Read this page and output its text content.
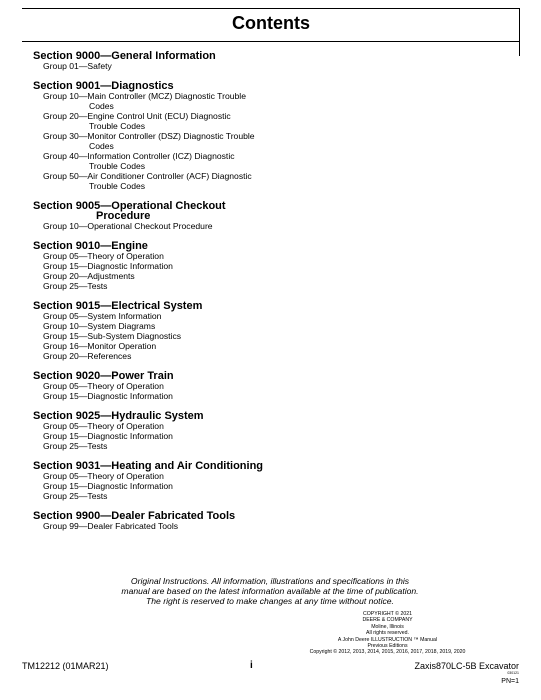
Contents
Section 9000—General Information
Group 01—Safety
Section 9001—Diagnostics
Group 10—Main Controller (MCZ) Diagnostic Trouble
Codes
Group 20—Engine Control Unit (ECU) Diagnostic
Trouble Codes
Group 30—Monitor Controller (DSZ) Diagnostic Trouble
Codes
Group 40—Information Controller (ICZ) Diagnostic
Trouble Codes
Group 50—Air Conditioner Controller (ACF) Diagnostic
Trouble Codes
Section 9005—Operational Checkout
Procedure
Group 10—Operational Checkout Procedure
Section 9010—Engine
Group 05—Theory of Operation
Group 15—Diagnostic Information
Group 20—Adjustments
Group 25—Tests
Section 9015—Electrical System
Group 05—System Information
Group 10—System Diagrams
Group 15—Sub-System Diagnostics
Group 16—Monitor Operation
Group 20—References
Section 9020—Power Train
Group 05—Theory of Operation
Group 15—Diagnostic Information
Section 9025—Hydraulic System
Group 05—Theory of Operation
Group 15—Diagnostic Information
Group 25—Tests
Section 9031—Heating and Air Conditioning
Group 05—Theory of Operation
Group 15—Diagnostic Information
Group 25—Tests
Section 9900—Dealer Fabricated Tools
Group 99—Dealer Fabricated Tools
Original Instructions. All information, illustrations and specifications in this
manual are based on the latest information available at the time of publication.
The right is reserved to make changes at any time without notice.
COPYRIGHT © 2021
DEERE & COMPANY
Moline, Illinois
All rights reserved.
A John Deere ILLUSTRUCTION ™ Manual
Previous Editions
Copyright © 2012, 2013, 2014, 2015, 2016, 2017, 2018, 2019, 2020
TM12212 (01MAR21)	i	Zaxis870LC-5B Excavator
030121
PN=1
